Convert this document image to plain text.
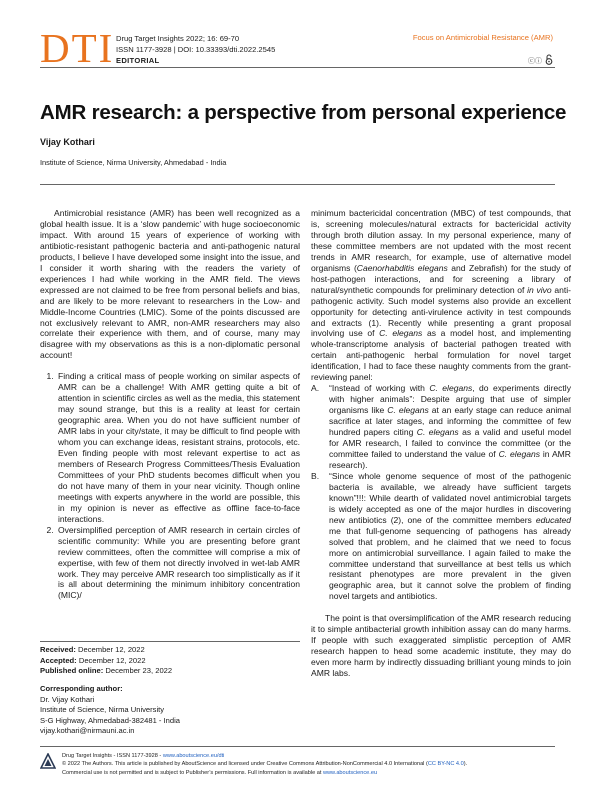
DTI Drug Target Insights 2022; 16: 69-70
ISSN 1177-3928 | DOI: 10.33393/dti.2022.2545
EDITORIAL
Focus on Antimicrobial Resistance (AMR)
ⓒⓘ
AMR research: a perspective from personal experience
Vijay Kothari
Institute of Science, Nirma University, Ahmedabad - India

Antimicrobial resistance (AMR) has been well recognized as a global health issue. It is a ‘slow pandemic’ with huge socioeconomic impact. With around 15 years of experience of working with antibiotic-resistant pathogenic bacteria and anti-pathogenic natural products, I believe I have developed some insight into the issue, and I consider it worth sharing with the readers the variety of experiences I had while working in the AMR field. The views expressed are not claimed to be free from personal beliefs and bias, and are likely to be more relevant to researchers in the Low- and Middle-Income Countries (LMIC). Some of the points discussed are not exclusively relevant to AMR, non-AMR researchers may also correlate their experience with them, and of course, many may disagree with my observations as this is a non-diplomatic personal account!

1. Finding a critical mass of people working on similar aspects of AMR can be a challenge! With AMR getting quite a bit of attention in scientific circles as well as the media, this statement may sound strange, but this is a reality at least for certain geographic area. When you do not have sufficient number of AMR labs in your city/state, it may be difficult to find people with whom you can exchange ideas, resistant strains, protocols, etc. Even finding people with most relevant expertise to act as members of Research Progress Committees/Thesis Evaluation Committees of your PhD students becomes difficult when you do not have many of them in your near vicinity. Though online meetings with experts anywhere in the world are possible, this in my opinion is never as effective as offline face-to-face interactions.
2. Oversimplified perception of AMR research in certain circles of scientific community: While you are presenting before grant review committees, often the committee will comprise a mix of expertise, with few of them not directly involved in wet-lab AMR work. They may perceive AMR research too simplistically as if it is all about determining the minimum inhibitory concentration (MIC)/

minimum bactericidal concentration (MBC) of test compounds, that is, screening molecules/natural extracts for bactericidal activity through broth dilution assay. In my personal experience, many of these committee members are not updated with the most recent trends in AMR research, for example, use of alternative model organisms (Caenorhabditis elegans and Zebrafish) for the study of host-pathogen interactions, and for screening a library of natural/synthetic compounds for preliminary detection of in vivo anti-pathogenic activity. Such model systems also provide an excellent opportunity for detecting anti-virulence activity in test compounds and extracts (1). Recently while presenting a grant proposal involving use of C. elegans as a model host, and implementing whole-transcriptome analysis of bacterial pathogen treated with certain anti-pathogenic herbal formulation for novel target identification, I had to face these naughty comments from the grant-reviewing panel:

A. “Instead of working with C. elegans, do experiments directly with higher animals”: Despite arguing that use of simpler organisms like C. elegans at an early stage can reduce animal sacrifice at later stages, and informing the committee of few hundred papers citing C. elegans as a valid and useful model for AMR research, I failed to convince the committee (or the committee failed to understand the value of C. elegans in AMR research).
B. “Since whole genome sequence of most of the pathogenic bacteria is available, we already have sufficient targets known”!!!: While dearth of validated novel antimicrobial targets is widely accepted as one of the major hurdles in discovering new antibiotics (2), one of the committee members educated me that full-genome sequencing of pathogens has already solved that problem, and he claimed that we need to focus more on antimicrobial surveillance. I again failed to make the committee understand that surveillance at best tells us which resistant phenotypes are more prevalent in the given geographic area, but it cannot solve the problem of finding novel targets and antibiotics.

The point is that oversimplification of the AMR research reducing it to simple antibacterial growth inhibition assay can do many harms. If people with such exaggerated simplistic perception of AMR research happen to head some academic institute, they may do even more harm by indirectly dissuading brilliant young minds to join AMR labs.

Received: December 12, 2022
Accepted: December 12, 2022
Published online: December 23, 2022
Corresponding author:
Dr. Vijay Kothari
Institute of Science, Nirma University
S-G Highway, Ahmedabad-382481 - India
vijay.kothari@nirmauni.ac.in
Drug Target Insights - ISSN 1177-3928 - www.aboutscience.eu/dti
© 2022 The Authors. This article is published by AboutScience and licensed under Creative Commons Attribution-NonCommercial 4.0 International (CC BY-NC 4.0).
Commercial use is not permitted and is subject to Publisher’s permissions. Full information is available at www.aboutscience.eu
